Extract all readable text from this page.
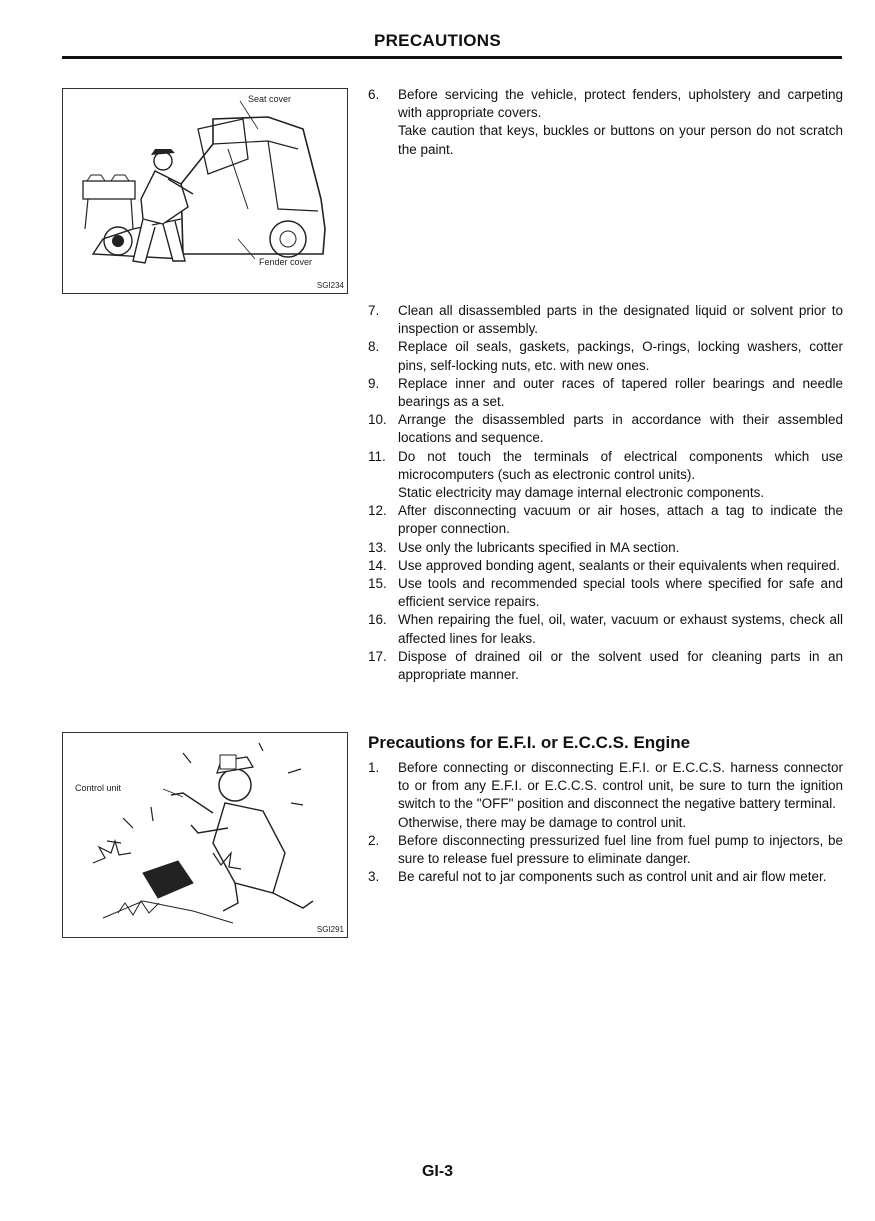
PRECAUTIONS
Seat cover
Fender cover
SGI234
Control unit
SGI291
6. Before servicing the vehicle, protect fenders, upholstery and carpeting with appropriate covers.
Take caution that keys, buckles or buttons on your person do not scratch the paint.
7. Clean all disassembled parts in the designated liquid or solvent prior to inspection or assembly.
8. Replace oil seals, gaskets, packings, O-rings, locking washers, cotter pins, self-locking nuts, etc. with new ones.
9. Replace inner and outer races of tapered roller bearings and needle bearings as a set.
10. Arrange the disassembled parts in accordance with their assembled locations and sequence.
11. Do not touch the terminals of electrical components which use microcomputers (such as electronic control units).
Static electricity may damage internal electronic components.
12. After disconnecting vacuum or air hoses, attach a tag to indicate the proper connection.
13. Use only the lubricants specified in MA section.
14. Use approved bonding agent, sealants or their equivalents when required.
15. Use tools and recommended special tools where specified for safe and efficient service repairs.
16. When repairing the fuel, oil, water, vacuum or exhaust systems, check all affected lines for leaks.
17. Dispose of drained oil or the solvent used for cleaning parts in an appropriate manner.
Precautions for E.F.I. or E.C.C.S. Engine
1. Before connecting or disconnecting E.F.I. or E.C.C.S. harness connector to or from any E.F.I. or E.C.C.S. control unit, be sure to turn the ignition switch to the "OFF" position and disconnect the negative battery terminal.
Otherwise, there may be damage to control unit.
2. Before disconnecting pressurized fuel line from fuel pump to injectors, be sure to release fuel pressure to eliminate danger.
3. Be careful not to jar components such as control unit and air flow meter.
GI-3
